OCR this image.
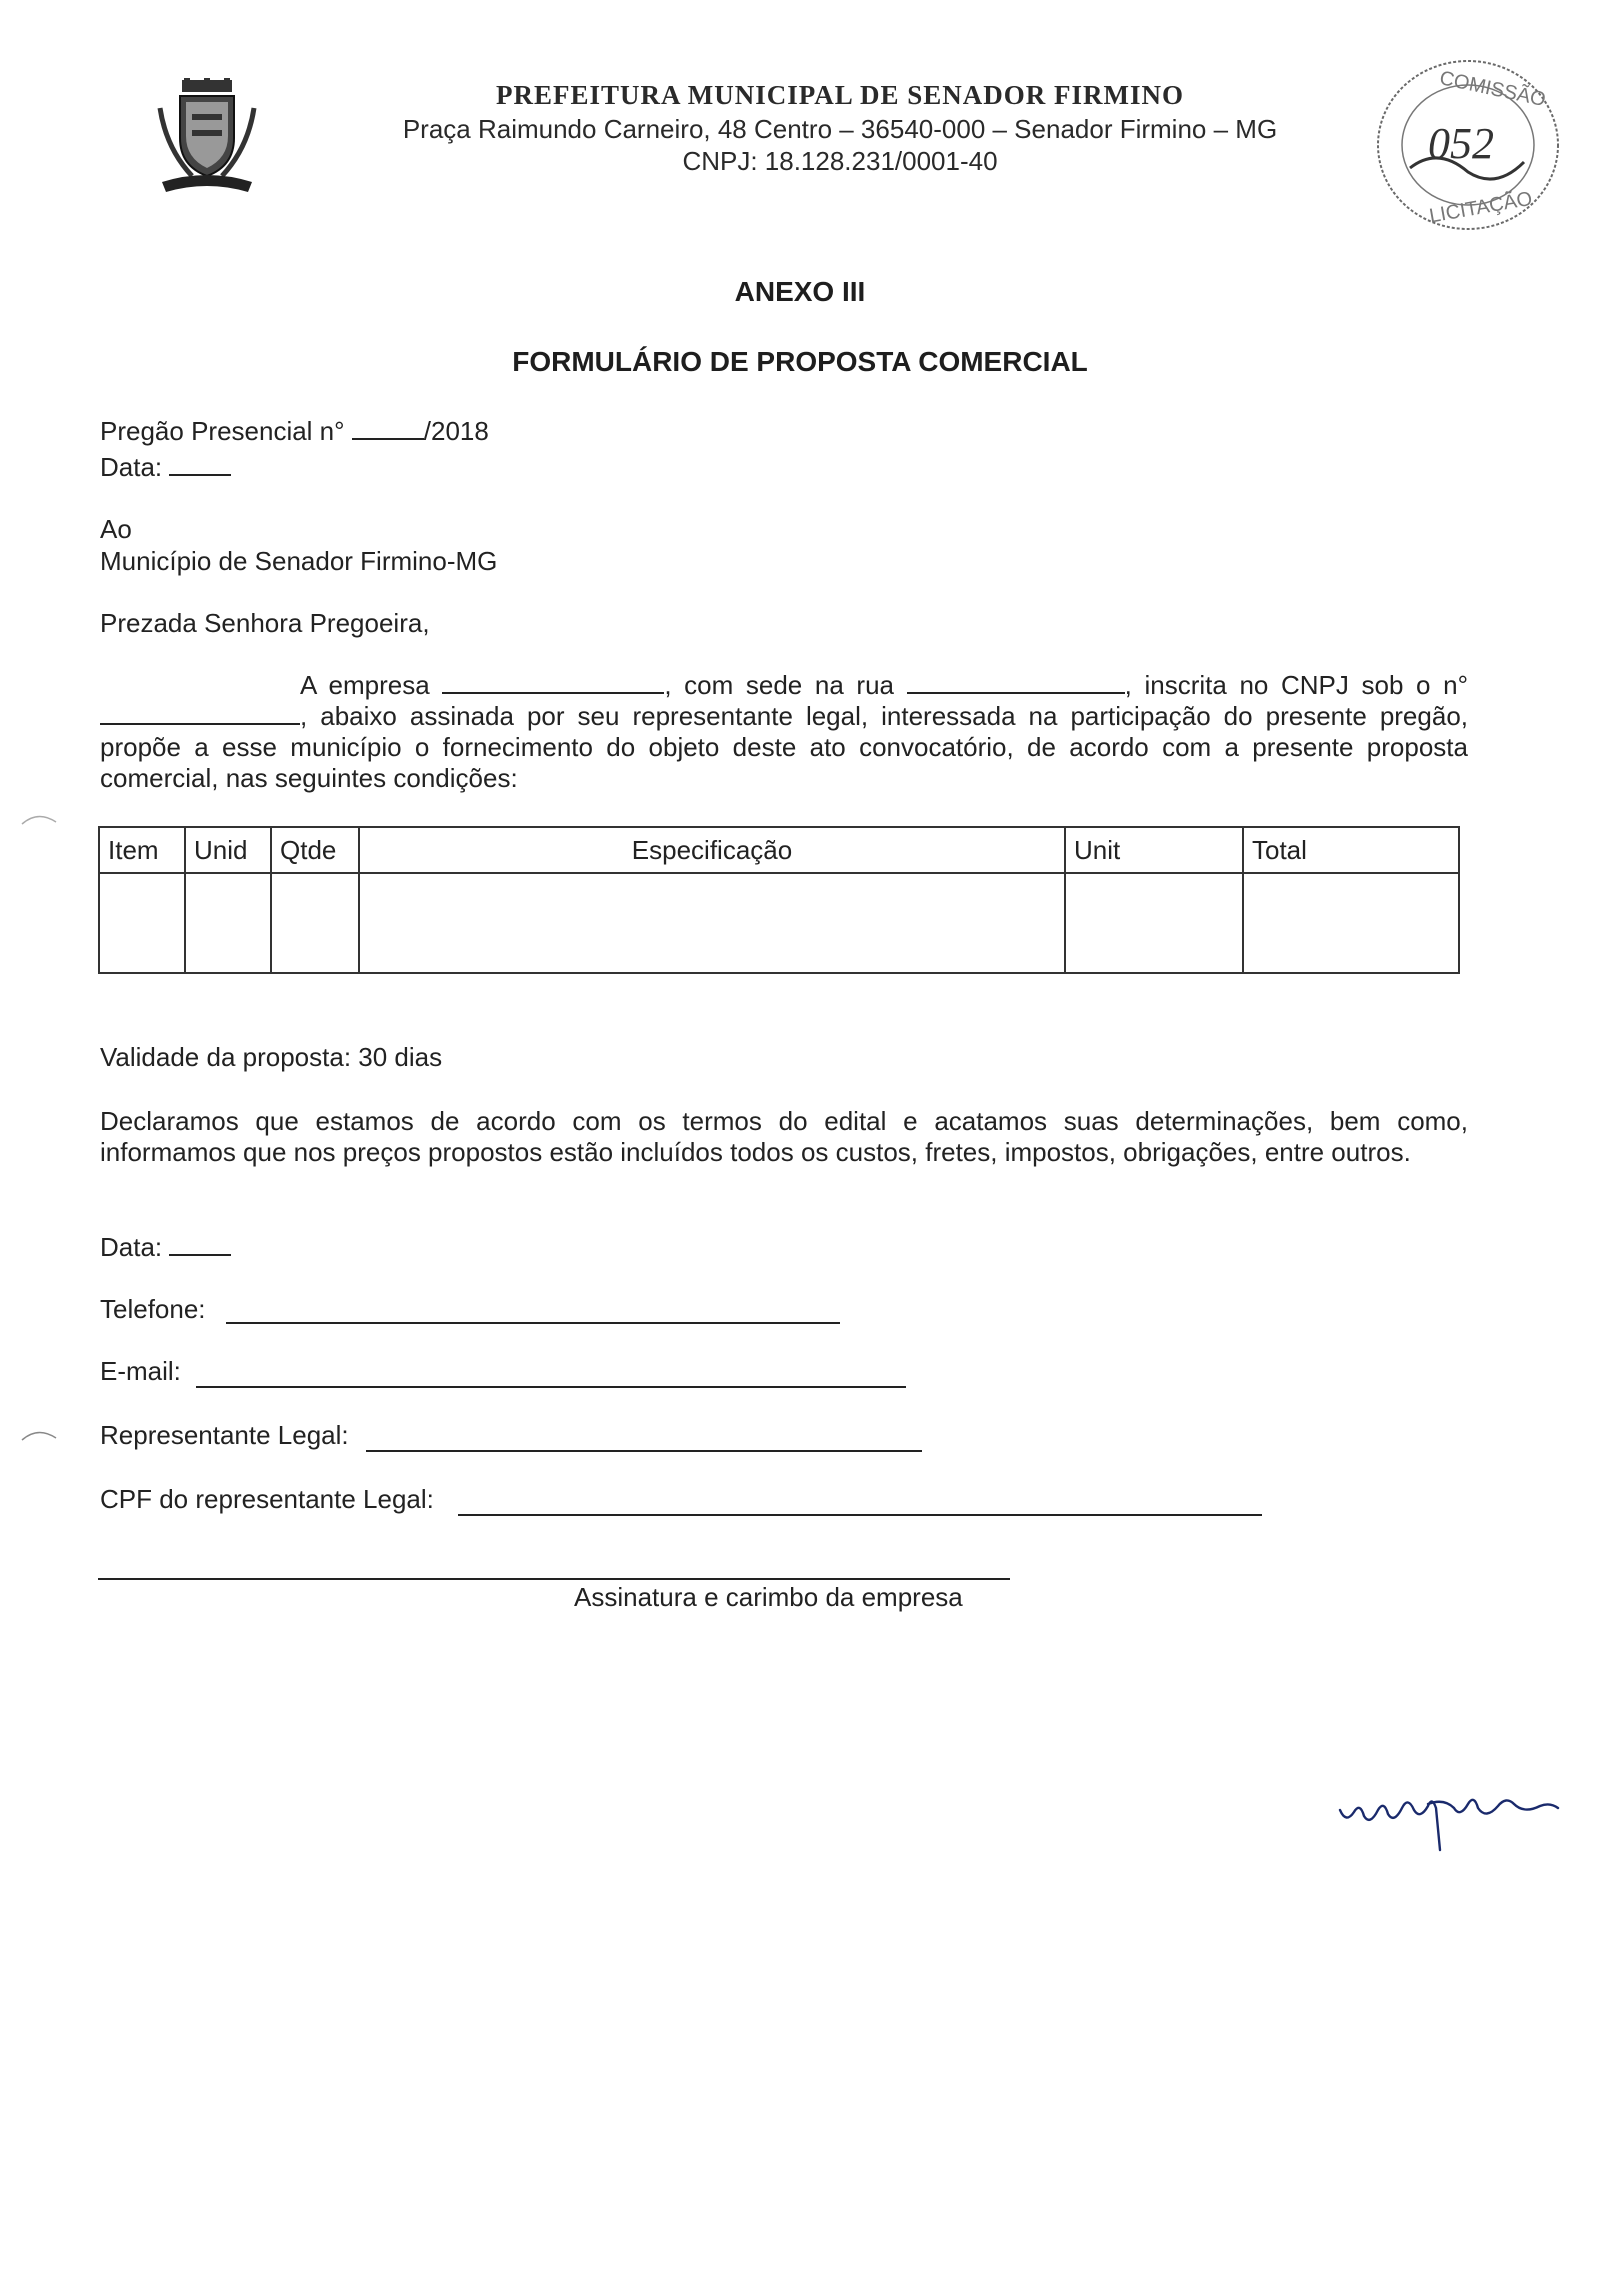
PREFEITURA MUNICIPAL DE SENADOR FIRMINO
Praça Raimundo Carneiro, 48 Centro – 36540-000 – Senador Firmino – MG
CNPJ: 18.128.231/0001-40
COMISSÃO
052
LICITAÇÃO
ANEXO III
FORMULÁRIO DE PROPOSTA COMERCIAL
Pregão Presencial n°	/2018
Data:
Ao
Município de Senador Firmino-MG
Prezada Senhora Pregoeira,
A empresa	, com sede na rua	, inscrita no CNPJ sob o n° , abaixo assinada por seu representante legal, interessada na participação do presente pregão, propõe a esse município o fornecimento do objeto deste ato convocatório, de acordo com a presente proposta comercial, nas seguintes condições:
Item	Unid	Qtde	Especificação	Unit	Total

Validade da proposta: 30 dias
Declaramos que estamos de acordo com os termos do edital e acatamos suas determinações, bem como, informamos que nos preços propostos estão incluídos todos os custos, fretes, impostos, obrigações, entre outros.
Data:
Telefone:
E-mail:
Representante Legal:
CPF do representante Legal:
Assinatura e carimbo da empresa
